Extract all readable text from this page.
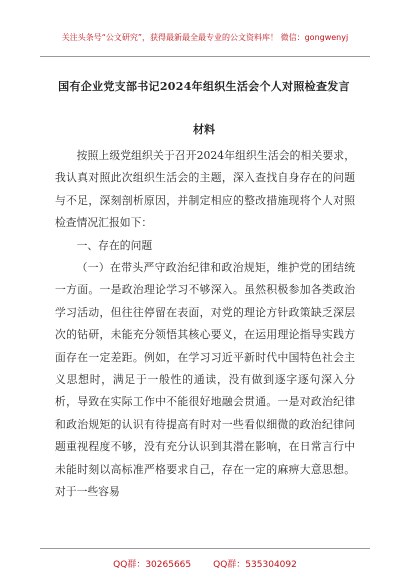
关注头条号“公文研究”，获得最新最全最专业的公文资料库！ 微信：gongwenyj
国有企业党支部书记2024年组织生活会个人对照检查发言
材料

按照上级党组织关于召开2024年组织生活会的相关要求，我认真对照此次组织生活会的主题，深入查找自身存在的问题与不足，深刻剖析原因，并制定相应的整改措施现将个人对照检查情况汇报如下：

一、存在的问题

（一）在带头严守政治纪律和政治规矩，维护党的团结统一方面。一是政治理论学习不够深入。虽然积极参加各类政治学习活动，但往往停留在表面，对党的理论方针政策缺乏深层次的钻研，未能充分领悟其核心要义，在运用理论指导实践方面存在一定差距。例如，在学习习近平新时代中国特色社会主义思想时，满足于一般性的通读，没有做到逐字逐句深入分析，导致在实际工作中不能很好地融会贯通。一是对政治纪律和政治规矩的认识有待提高有时对一些看似细微的政治纪律问题重视程度不够，没有充分认识到其潜在影响，在日常言行中未能时刻以高标准严格要求自己，存在一定的麻痹大意思想。对于一些容易

QQ群：30265665 QQ群：535304092
